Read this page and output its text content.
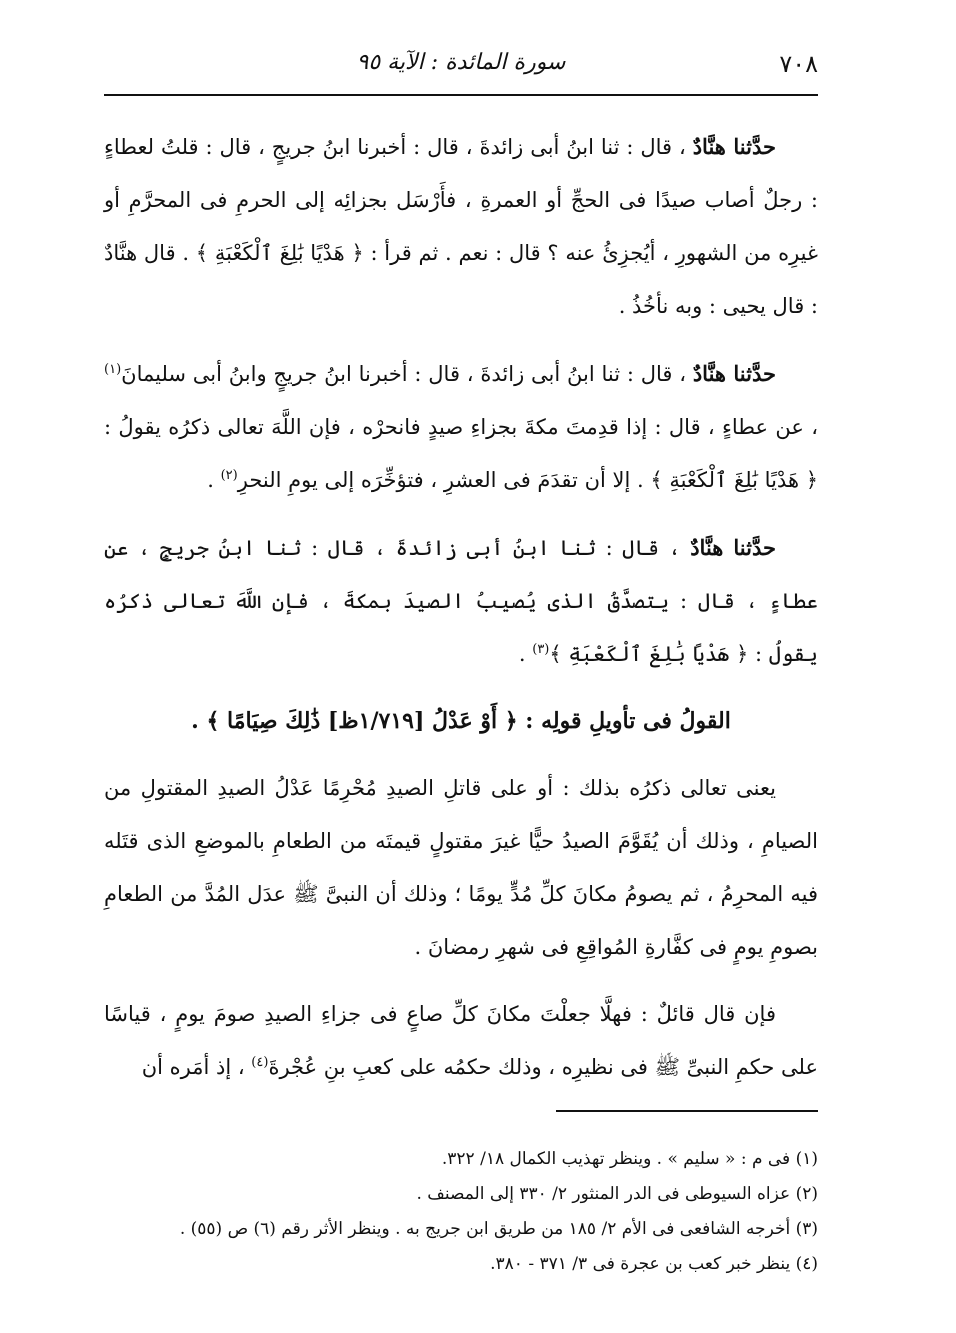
٧٠٨
سورة المائدة : الآية ٩٥

حدَّثنا هنَّادٌ ، قال : ثنا ابنُ أبى زائدةَ ، قال : أخبرنا ابنُ جريجٍ ، قال : قلتُ لعطاءٍ : رجلٌ أصاب صيدًا فى الحجِّ أو العمرةِ ، فأَرْسَل بجزائِه إلى الحرمِ فى المحرَّمِ أو غيرِه من الشهورِ ، أيُجزِئُ عنه ؟ قال : نعم . ثم قرأ : ﴿ هَدْيًا بَٰلِغَ ٱلْكَعْبَةِ ﴾ . قال هنَّادٌ : قال يحيى : وبه نأخُذُ .

حدَّثنا هنَّادٌ ، قال : ثنا ابنُ أبى زائدةَ ، قال : أخبرنا ابنُ جريجٍ وابنُ أبى سليمانَ$^{(١)}$ ، عن عطاءٍ ، قال : إذا قدِمتَ مكةَ بجزاءِ صيدٍ فانحرْه ، فإن اللَّهَ تعالى ذكرُه يقولُ : ﴿ هَدْيًا بَٰلِغَ ٱلْكَعْبَةِ ﴾ . إلا أن تقدَمَ فى العشرِ ، فتؤخِّرَه إلى يومِ النحرِ$^{(٢)}$ .

حدَّثنا هنَّادٌ ، قال : ثنا ابنُ أبى زائدةَ ، قال : ثنا ابنُ جريجٍ ، عن عطاءٍ ، قال : يتصدَّقُ الذى يُصيبُ الصيدَ بمكةَ ، فإن اللَّهَ تعالى ذكرُه يقولُ : ﴿ هَدْيًا بَٰلِغَ ٱلْكَعْبَةِ ﴾$^{(٣)}$ .

القولُ فى تأويلِ قولِه : ﴿ أَوْ عَدْلُ [١/٧١٩ظ] ذَٰلِكَ صِيَامًا ﴾ .

يعنى تعالى ذكرُه بذلك : أو على قاتلِ الصيدِ مُحْرِمًا عَدْلُ الصيدِ المقتولِ من الصيامِ ، وذلك أن يُقَوَّمَ الصيدُ حيًّا غيرَ مقتولٍ قيمتَه من الطعامِ بالموضعِ الذى قتَله فيه المحرِمُ ، ثم يصومُ مكانَ كلِّ مُدٍّ يومًا ؛ وذلك أن النبىَّ ﷺ عدَل المُدَّ من الطعامِ بصومِ يومٍ فى كفَّارةِ المُواقِعِ فى شهرِ رمضانَ .

فإن قال قائلٌ : فهلَّا جعلْتَ مكانَ كلِّ صاعٍ فى جزاءِ الصيدِ صومَ يومٍ ، قياسًا على حكمِ النبىِّ ﷺ فى نظيرِه ، وذلك حكمُه على كعبِ بنِ عُجْرةَ$^{(٤)}$ ، إذ أمَره أن

(١) فى م : « سليم » . وينظر تهذيب الكمال ١٨/ ٣٢٢.

(٢) عزاه السيوطى فى الدر المنثور ٢/ ٣٣٠ إلى المصنف .

(٣) أخرجه الشافعى فى الأم ٢/ ١٨٥ من طريق ابن جريج به . وينظر الأثر رقم (٦) ص (٥٥) .

(٤) ينظر خبر كعب بن عجرة فى ٣/ ٣٧١ - ٣٨٠.
